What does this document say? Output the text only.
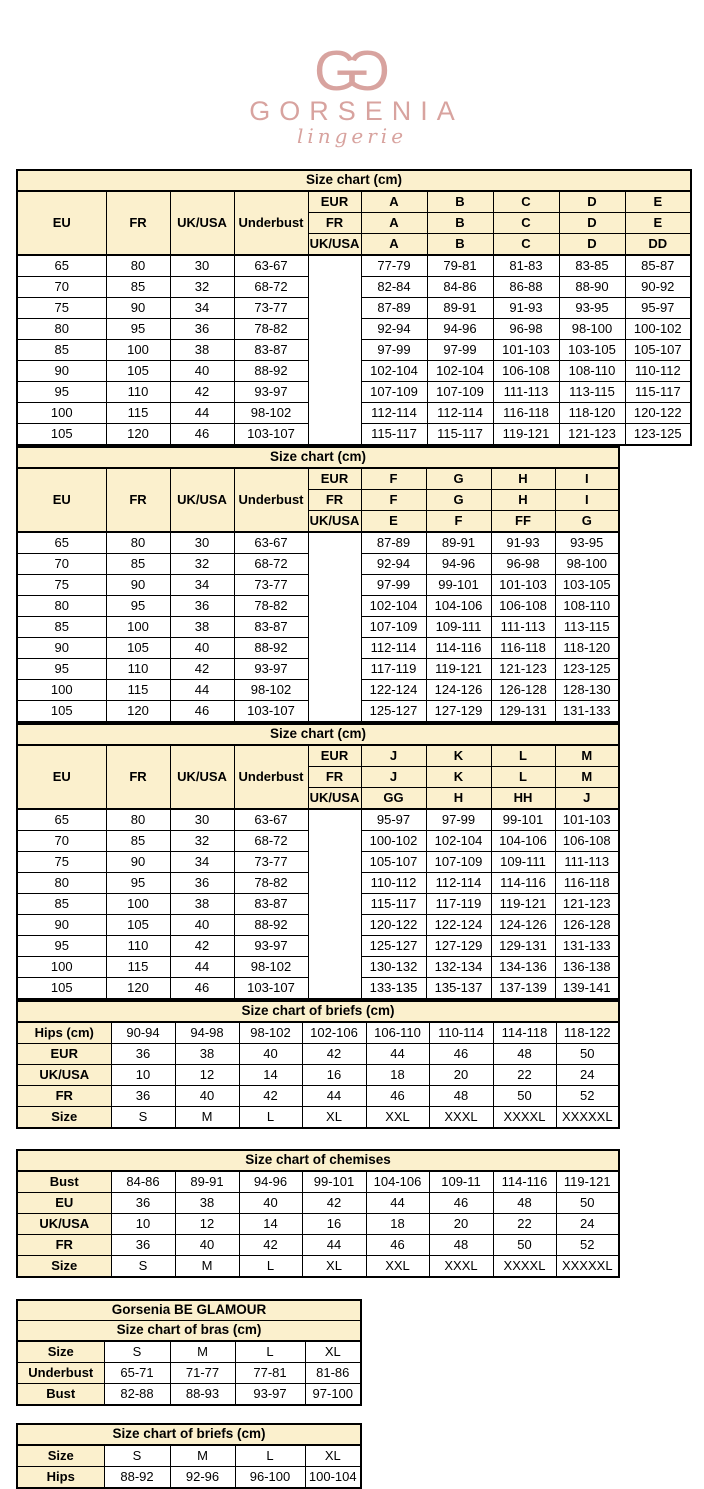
G
G
GORSENIA
lingerie
Size chart (cm)									
EU	FR	UK/USA	Underbust	EUR	A	B	C	D	E
				FR	A	B	C	D	E
				UK/USA	A	B	C	D	DD
65	80	30	63-67		77-79	79-81	81-83	83-85	85-87
70	85	32	68-72		82-84	84-86	86-88	88-90	90-92
75	90	34	73-77		87-89	89-91	91-93	93-95	95-97
80	95	36	78-82		92-94	94-96	96-98	98-100	100-102
85	100	38	83-87		97-99	97-99	101-103	103-105	105-107
90	105	40	88-92		102-104	102-104	106-108	108-110	110-112
95	110	42	93-97		107-109	107-109	111-113	113-115	115-117
100	115	44	98-102		112-114	112-114	116-118	118-120	120-122
105	120	46	103-107		115-117	115-117	119-121	121-123	123-125
Size chart (cm)								
EU	FR	UK/USA	Underbust	EUR	F	G	H	I
				FR	F	G	H	I
				UK/USA	E	F	FF	G
65	80	30	63-67		87-89	89-91	91-93	93-95
70	85	32	68-72		92-94	94-96	96-98	98-100
75	90	34	73-77		97-99	99-101	101-103	103-105
80	95	36	78-82		102-104	104-106	106-108	108-110
85	100	38	83-87		107-109	109-111	111-113	113-115
90	105	40	88-92		112-114	114-116	116-118	118-120
95	110	42	93-97		117-119	119-121	121-123	123-125
100	115	44	98-102		122-124	124-126	126-128	128-130
105	120	46	103-107		125-127	127-129	129-131	131-133
Size chart (cm)								
EU	FR	UK/USA	Underbust	EUR	J	K	L	M
				FR	J	K	L	M
				UK/USA	GG	H	HH	J
65	80	30	63-67		95-97	97-99	99-101	101-103
70	85	32	68-72		100-102	102-104	104-106	106-108
75	90	34	73-77		105-107	107-109	109-111	111-113
80	95	36	78-82		110-112	112-114	114-116	116-118
85	100	38	83-87		115-117	117-119	119-121	121-123
90	105	40	88-92		120-122	122-124	124-126	126-128
95	110	42	93-97		125-127	127-129	129-131	131-133
100	115	44	98-102		130-132	132-134	134-136	136-138
105	120	46	103-107		133-135	135-137	137-139	139-141
Size chart of briefs (cm)								
Hips (cm)	90-94	94-98	98-102	102-106	106-110	110-114	114-118	118-122
EUR	36	38	40	42	44	46	48	50
UK/USA	10	12	14	16	18	20	22	24
FR	36	40	42	44	46	48	50	52
Size	S	M	L	XL	XXL	XXXL	XXXXL	XXXXXL
Size chart of chemises								
Bust	84-86	89-91	94-96	99-101	104-106	109-11	114-116	119-121
EU	36	38	40	42	44	46	48	50
UK/USA	10	12	14	16	18	20	22	24
FR	36	40	42	44	46	48	50	52
Size	S	M	L	XL	XXL	XXXL	XXXXL	XXXXXL
Gorsenia BE GLAMOUR				
Size chart of bras (cm)				
Size	S	M	L	XL
Underbust	65-71	71-77	77-81	81-86
Bust	82-88	88-93	93-97	97-100
Size chart of briefs (cm)				
Size	S	M	L	XL
Hips	88-92	92-96	96-100	100-104
